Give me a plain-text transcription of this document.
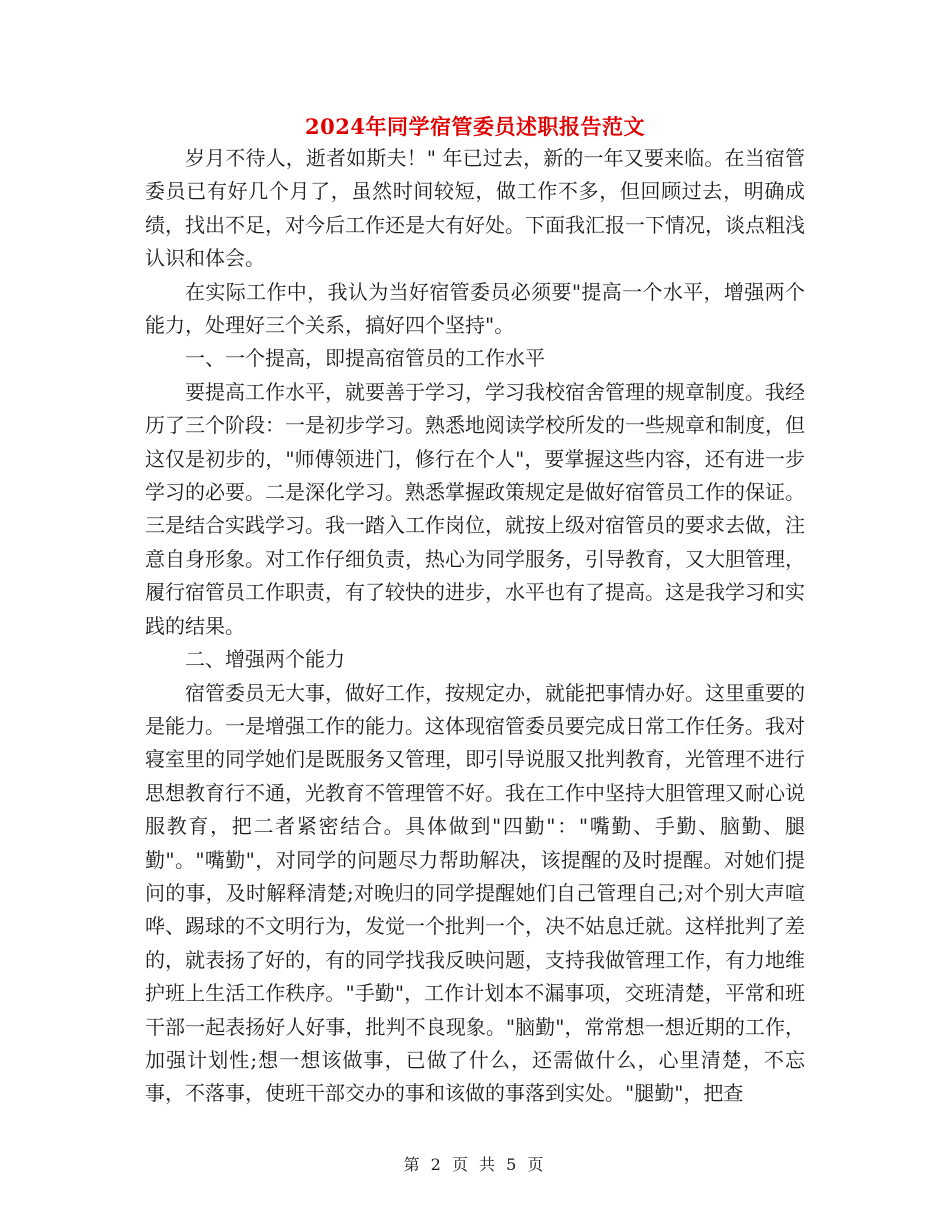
2024年同学宿管委员述职报告范文

岁月不待人，逝者如斯夫！" 年已过去，新的一年又要来临。在当宿管委员已有好几个月了，虽然时间较短，做工作不多，但回顾过去，明确成绩，找出不足，对今后工作还是大有好处。下面我汇报一下情况，谈点粗浅认识和体会。

在实际工作中，我认为当好宿管委员必须要"提高一个水平，增强两个能力，处理好三个关系，搞好四个坚持"。

一、一个提高，即提高宿管员的工作水平

要提高工作水平，就要善于学习，学习我校宿舍管理的规章制度。我经历了三个阶段：一是初步学习。熟悉地阅读学校所发的一些规章和制度，但这仅是初步的，"师傅领进门，修行在个人"，要掌握这些内容，还有进一步学习的必要。二是深化学习。熟悉掌握政策规定是做好宿管员工作的保证。三是结合实践学习。我一踏入工作岗位，就按上级对宿管员的要求去做，注意自身形象。对工作仔细负责，热心为同学服务，引导教育，又大胆管理，履行宿管员工作职责，有了较快的进步，水平也有了提高。这是我学习和实践的结果。

二、增强两个能力

宿管委员无大事，做好工作，按规定办，就能把事情办好。这里重要的是能力。一是增强工作的能力。这体现宿管委员要完成日常工作任务。我对寝室里的同学她们是既服务又管理，即引导说服又批判教育，光管理不进行思想教育行不通，光教育不管理管不好。我在工作中坚持大胆管理又耐心说服教育，把二者紧密结合。具体做到"四勤"："嘴勤、手勤、脑勤、腿勤"。"嘴勤"，对同学的问题尽力帮助解决，该提醒的及时提醒。对她们提问的事，及时解释清楚;对晚归的同学提醒她们自己管理自己;对个别大声喧哗、踢球的不文明行为，发觉一个批判一个，决不姑息迁就。这样批判了差的，就表扬了好的，有的同学找我反映问题，支持我做管理工作，有力地维护班上生活工作秩序。"手勤"，工作计划本不漏事项，交班清楚，平常和班干部一起表扬好人好事，批判不良现象。"脑勤"，常常想一想近期的工作，加强计划性;想一想该做事，已做了什么，还需做什么，心里清楚，不忘事，不落事，使班干部交办的事和该做的事落到实处。"腿勤"，把查

第 2 页 共 5 页
